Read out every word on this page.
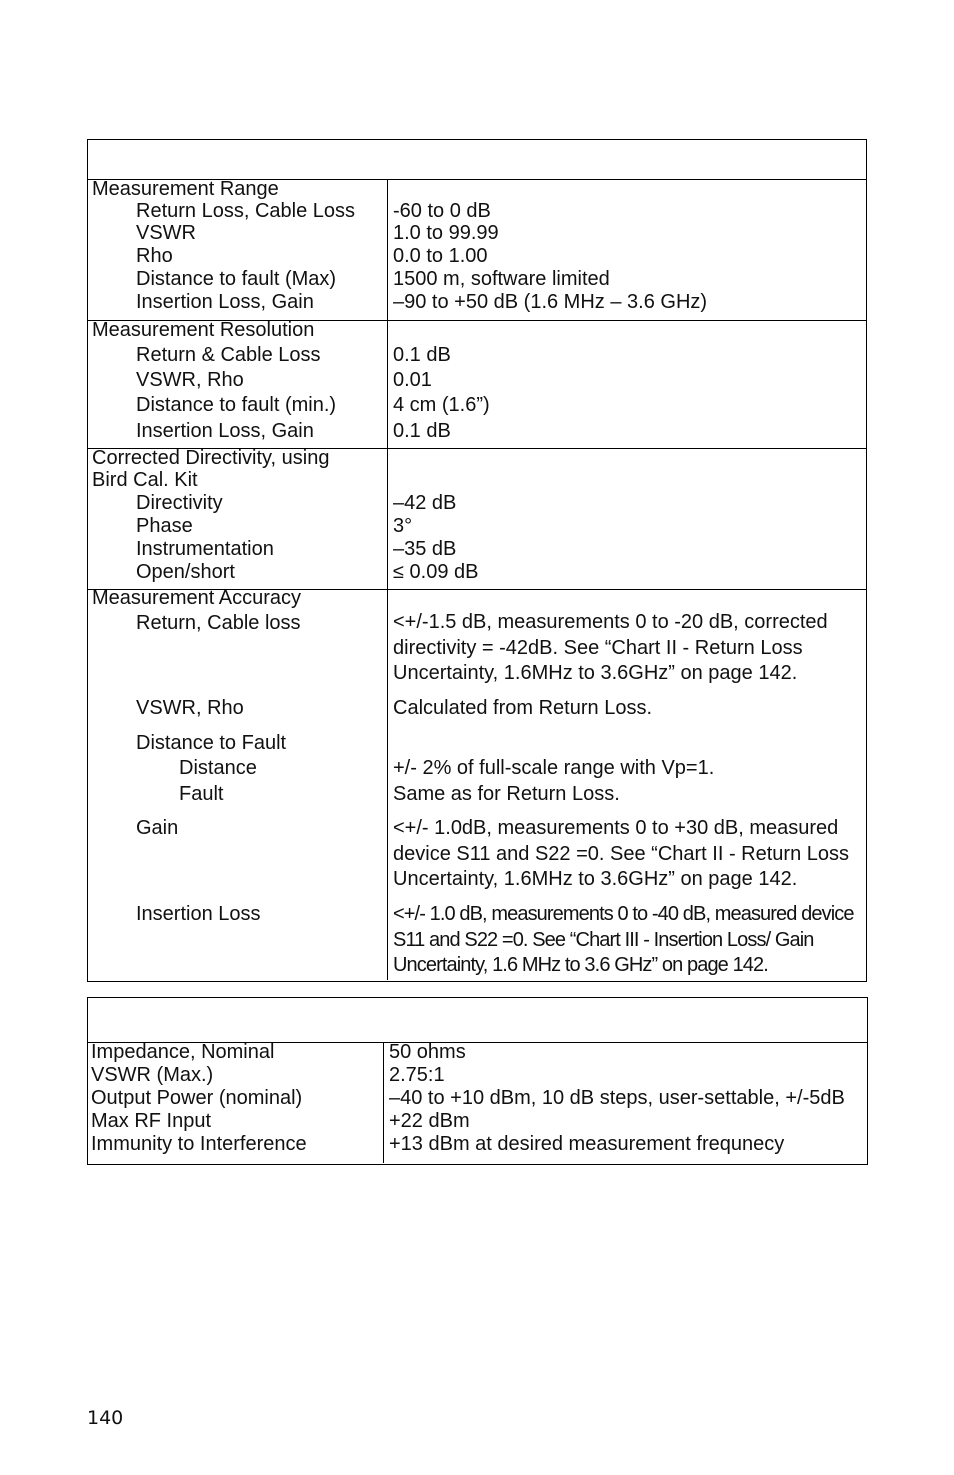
Measurement Range
Return Loss, Cable Loss -60 to 0 dB
VSWR	1.0 to 99.99
Rho	0.0 to 1.00
Distance to fault (Max)	1500 m, software limited
Insertion Loss, Gain	–90 to +50 dB (1.6 MHz – 3.6 GHz)
Measurement Resolution
Return & Cable Loss	0.1 dB
VSWR, Rho	0.01
Distance to fault (min.)	4 cm (1.6”)
Insertion Loss, Gain	0.1 dB
Corrected Directivity, using
Bird Cal. Kit
Directivity	–42 dB
Phase	3°
Instrumentation	–35 dB
Open/short	≤ 0.09 dB
Measurement Accuracy
Return, Cable loss	<+/-1.5 dB, measurements 0 to -20 dB, corrected directivity = -42dB. See “Chart II - Return Loss Uncertainty, 1.6MHz to 3.6GHz” on page 142.
VSWR, Rho	Calculated from Return Loss.
Distance to Fault
Distance	+/- 2% of full-scale range with Vp=1.
Fault	Same as for Return Loss.
Gain	<+/- 1.0dB, measurements 0 to +30 dB, measured device S11 and S22 =0. See “Chart II - Return Loss Uncertainty, 1.6MHz to 3.6GHz” on page 142.
Insertion Loss	<+/- 1.0 dB, measurements 0 to -40 dB, measured device S11 and S22 =0. See “Chart III - Insertion Loss/ Gain Uncertainty, 1.6 MHz to 3.6 GHz” on page 142.
Impedance, Nominal	50 ohms
VSWR (Max.)	2.75:1
Output Power (nominal)	–40 to +10 dBm, 10 dB steps, user-settable, +/-5dB
Max RF Input	+22 dBm
Immunity to Interference	+13 dBm at desired measurement frequnecy
140
